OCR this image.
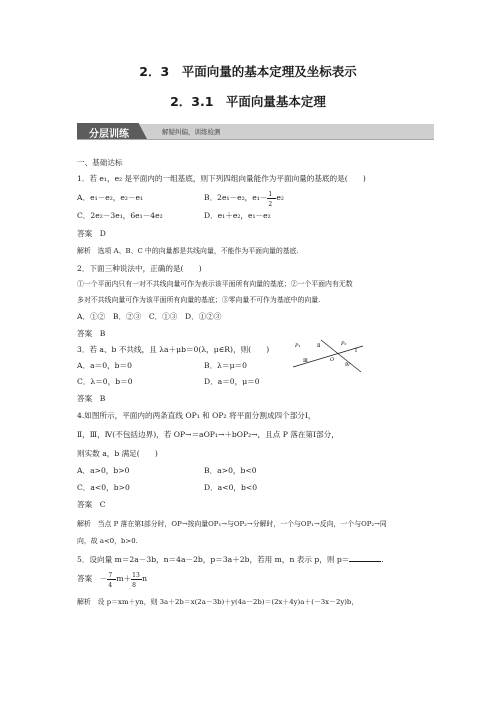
2．3　平面向量的基本定理及坐标表示
2．3.1　平面向量基本定理
分层训练	解疑纠偏，训练检测
一、基础达标
1．若 e₁，e₂ 是平面内的一组基底，则下列四组向量能作为平面向量的基底的是(　　)
A．e₁－e₂，e₂－e₁	B．2e₁－e₂，$e_1- \frac{1}{2} e_2$
C．2e₂－3e₁，6e₁－4e₂	D．e₁＋e₂，e₁－e₂
答案　D
解析　选项 A、B、C 中的向量都是共线向量，不能作为平面向量的基底.
2．下面三种说法中，正确的是(　　)
①一个平面内只有一对不共线向量可作为表示该平面所有向量的基底；②一个平面内有无数
多对不共线向量可作为该平面所有向量的基底；③零向量不可作为基底中的向量.
A．①②　B．②③　C．①③　D．①②③
答案　B
3．若 a、b 不共线，且 λa＋μb＝0(λ，μ∈R)，则(　　)
A．a＝0，b＝0	B．λ＝μ＝0
C．λ＝0，b＝0	D．a＝0，μ＝0
答案　B
4.如图所示，平面内的两条直线 OP₁ 和 OP₂ 将平面分割成四个部分Ⅰ，
Ⅱ，Ⅲ，Ⅳ(不包括边界)，若 OP→＝aOP₁→＋bOP₂→，且点 P 落在第Ⅰ部分，
则实数 a，b 满足(　　)
A．a>0，b>0	B．a>0，b<0
C．a<0，b>0	D．a<0，b<0
答案　C
解析　当点 P 落在第Ⅰ部分时，OP→按向量OP₁→与OP₂→分解时，一个与OP₁→反向，一个与OP₂→同
向，故 a<0，b>0.
5．设向量 m＝2a－3b，n＝4a－2b，p＝3a＋2b，若用 m，n 表示 p，则 p＝	.
答案　－ $\frac{7}{4} m+ \frac{13}{8}$ n
解析　设 p＝xm＋yn，则 3a＋2b＝x(2a－3b)＋y(4a－2b)＝(2x＋4y)a＋(－3x－2y)b，
P₁	P₂
O
Ⅰ
Ⅱ
Ⅲ
Ⅳ
